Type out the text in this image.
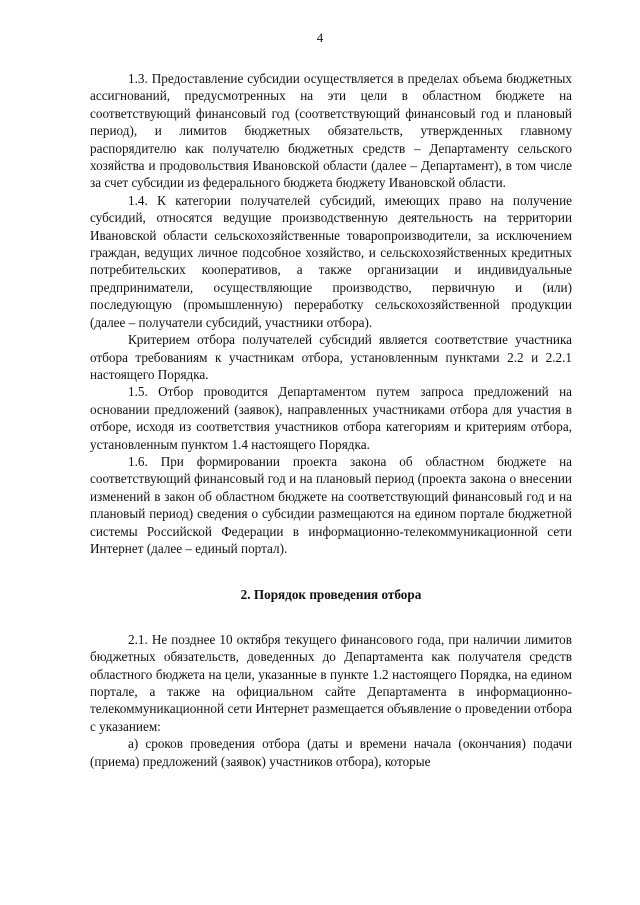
4

1.3. Предоставление субсидии осуществляется в пределах объема бюджетных ассигнований, предусмотренных на эти цели в областном бюджете на соответствующий финансовый год (соответствующий финансовый год и плановый период), и лимитов бюджетных обязательств, утвержденных главному распорядителю как получателю бюджетных средств – Департаменту сельского хозяйства и продовольствия Ивановской области (далее – Департамент), в том числе за счет субсидии из федерального бюджета бюджету Ивановской области.

1.4. К категории получателей субсидий, имеющих право на получение субсидий, относятся ведущие производственную деятельность на территории Ивановской области сельскохозяйственные товаропроизводители, за исключением граждан, ведущих личное подсобное хозяйство, и сельскохозяйственных кредитных потребительских кооперативов, а также организации и индивидуальные предприниматели, осуществляющие производство, первичную и (или) последующую (промышленную) переработку сельскохозяйственной продукции (далее – получатели субсидий, участники отбора).

Критерием отбора получателей субсидий является соответствие участника отбора требованиям к участникам отбора, установленным пунктами 2.2 и 2.2.1 настоящего Порядка.

1.5. Отбор проводится Департаментом путем запроса предложений на основании предложений (заявок), направленных участниками отбора для участия в отборе, исходя из соответствия участников отбора категориям и критериям отбора, установленным пунктом 1.4 настоящего Порядка.

1.6. При формировании проекта закона об областном бюджете на соответствующий финансовый год и на плановый период (проекта закона о внесении изменений в закон об областном бюджете на соответствующий финансовый год и на плановый период) сведения о субсидии размещаются на едином портале бюджетной системы Российской Федерации в информационно-телекоммуникационной сети Интернет (далее – единый портал).

2. Порядок проведения отбора

2.1. Не позднее 10 октября текущего финансового года, при наличии лимитов бюджетных обязательств, доведенных до Департамента как получателя средств областного бюджета на цели, указанные в пункте 1.2 настоящего Порядка, на едином портале, а также на официальном сайте Департамента в информационно-телекоммуникационной сети Интернет размещается объявление о проведении отбора с указанием:

а) сроков проведения отбора (даты и времени начала (окончания) подачи (приема) предложений (заявок) участников отбора), которые
